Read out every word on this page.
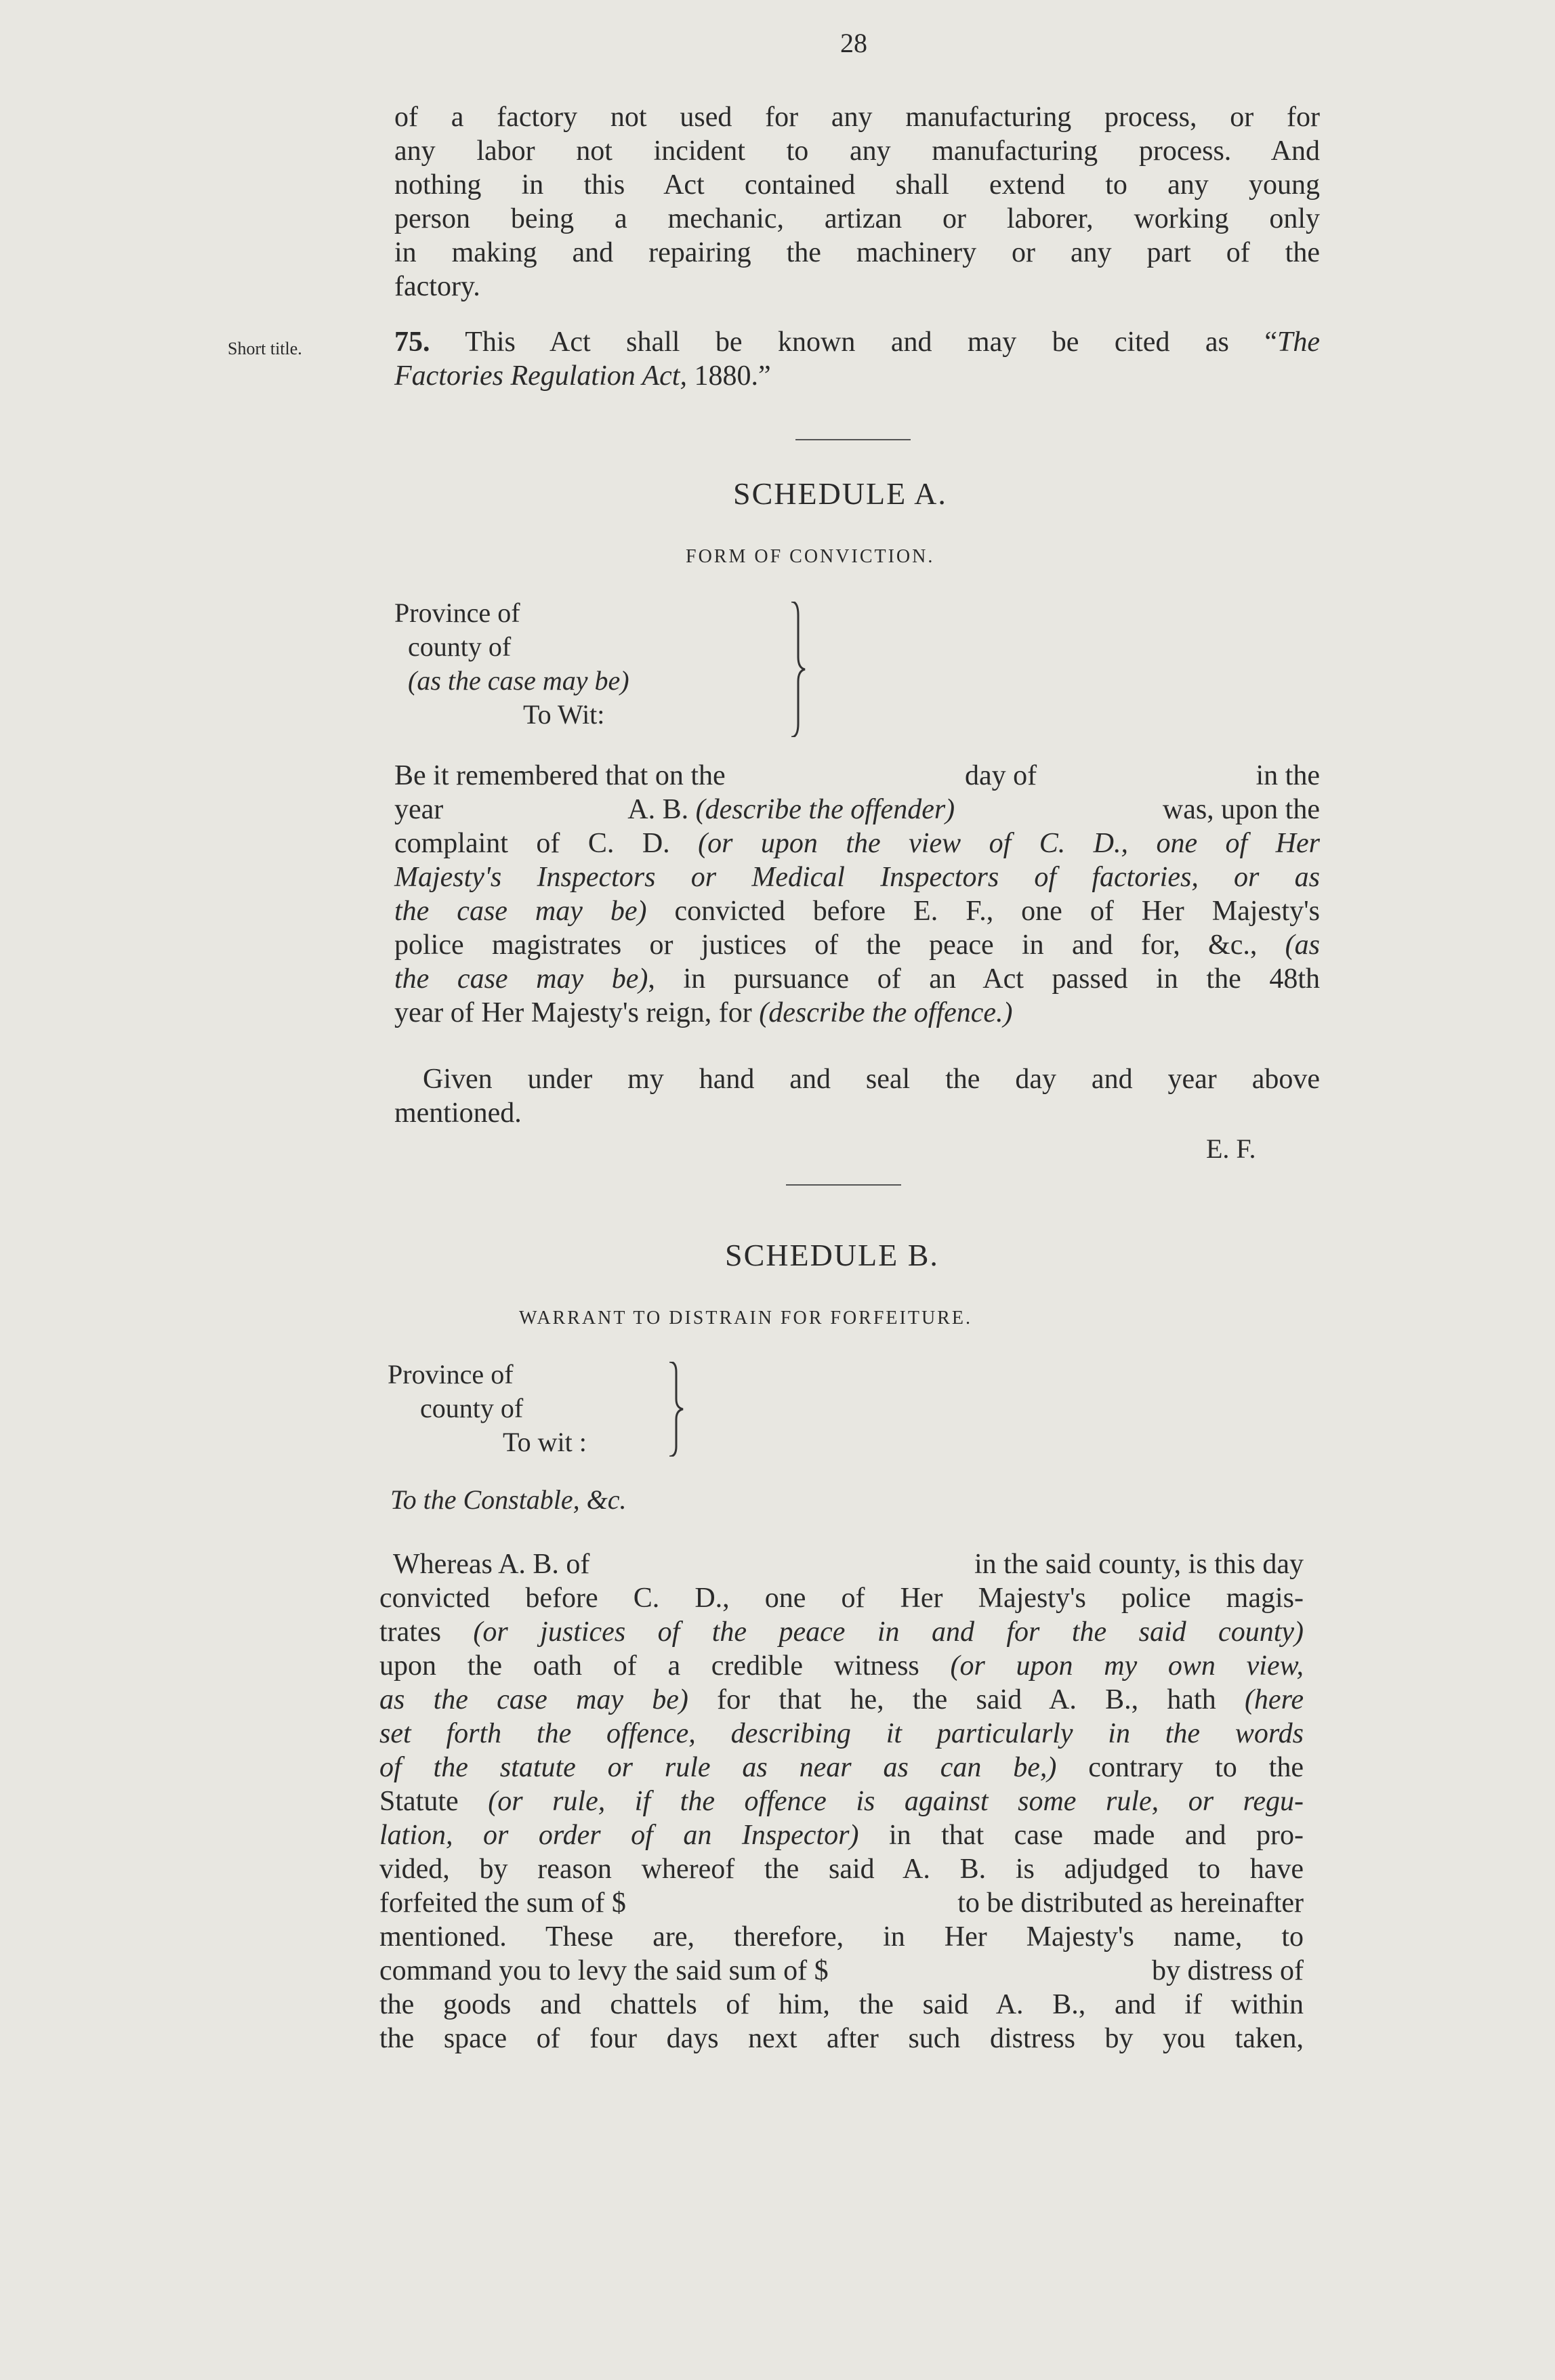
28
of a factory not used for any manufacturing process, or for
any labor not incident to any manufacturing process. And
nothing in this Act contained shall extend to any young
person being a mechanic, artizan or laborer, working only
in making and repairing the machinery or any part of the
factory.
Short title.	75. This Act shall be known and may be cited as “The
Factories Regulation Act, 1880.”
SCHEDULE A.
FORM OF CONVICTION.
Province of
county of
(as the case may be)
To Wit:
Be it remembered that on the	day of	in the
year	A. B. (describe the offender)	was, upon the
complaint of C. D. (or upon the view of C. D., one of Her
Majesty's Inspectors or Medical Inspectors of factories, or as
the case may be) convicted before E. F., one of Her Majesty's
police magistrates or justices of the peace in and for, &c., (as
the case may be), in pursuance of an Act passed in the 48th
year of Her Majesty's reign, for (describe the offence.)
Given under my hand and seal the day and year above
mentioned.
E. F.
SCHEDULE B.
WARRANT TO DISTRAIN FOR FORFEITURE.
Province of
county of
To wit :
To the Constable, &c.
Whereas A. B. of	in the said county, is this day
convicted before C. D., one of Her Majesty's police magis-
trates (or justices of the peace in and for the said county)
upon the oath of a credible witness (or upon my own view,
as the case may be) for that he, the said A. B., hath (here
set forth the offence, describing it particularly in the words
of the statute or rule as near as can be,) contrary to the
Statute (or rule, if the offence is against some rule, or regu-
lation, or order of an Inspector) in that case made and pro-
vided, by reason whereof the said A. B. is adjudged to have
forfeited the sum of $	to be distributed as hereinafter
mentioned. These are, therefore, in Her Majesty's name, to
command you to levy the said sum of $	by distress of
the goods and chattels of him, the said A. B., and if within
the space of four days next after such distress by you taken,
